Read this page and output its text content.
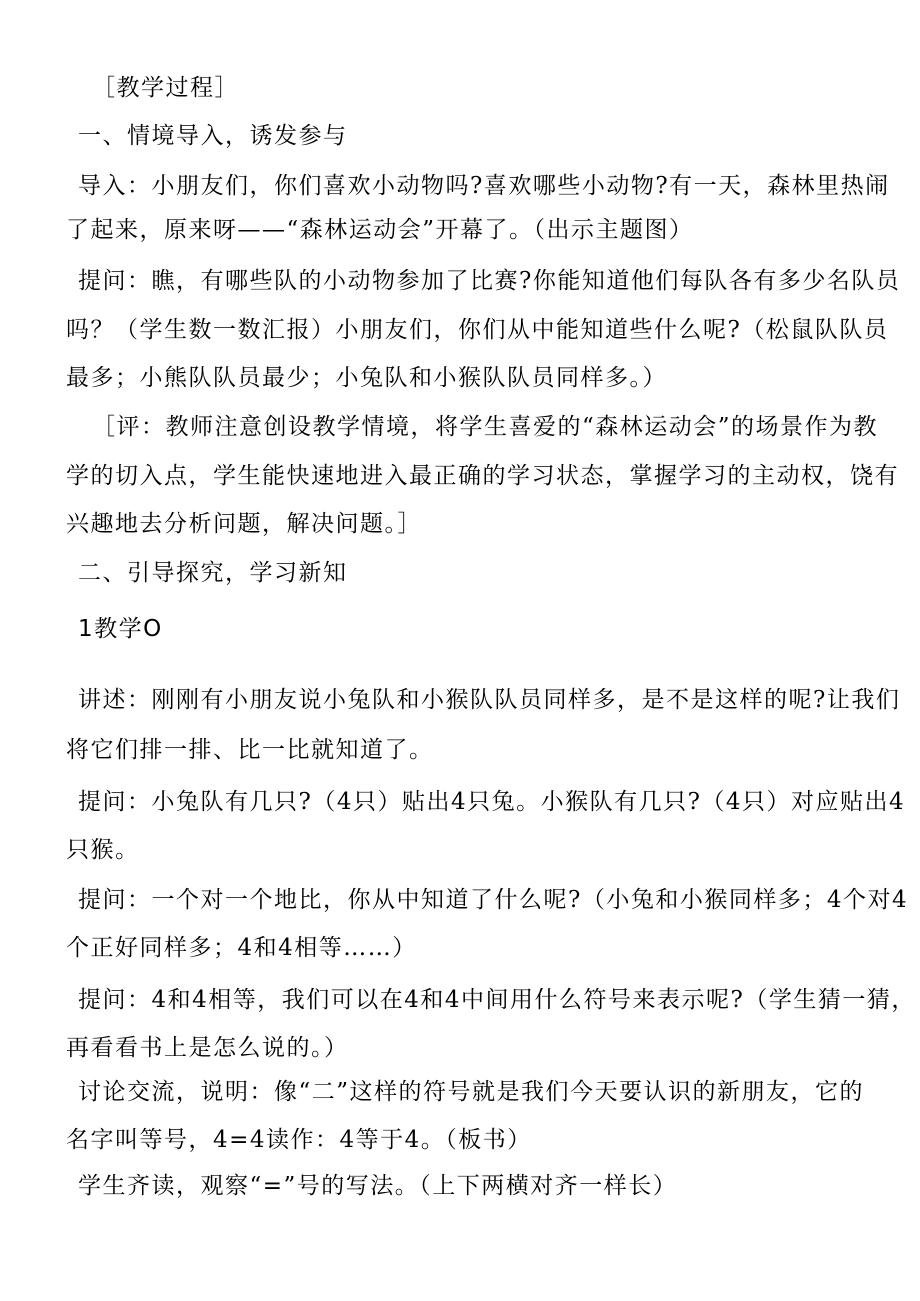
［教学过程］
一、情境导入，诱发参与
导入：小朋友们，你们喜欢小动物吗?喜欢哪些小动物?有一天，森林里热闹
了起来，原来呀——“森林运动会”开幕了。（出示主题图）
提问：瞧，有哪些队的小动物参加了比赛?你能知道他们每队各有多少名队员
吗？（学生数一数汇报）小朋友们，你们从中能知道些什么呢?（松鼠队队员
最多；小熊队队员最少；小兔队和小猴队队员同样多。）
［评：教师注意创设教学情境，将学生喜爱的“森林运动会”的场景作为教
学的切入点，学生能快速地进入最正确的学习状态，掌握学习的主动权，饶有
兴趣地去分析问题，解决问题。］
二、引导探究，学习新知
1教学O
讲述：刚刚有小朋友说小兔队和小猴队队员同样多，是不是这样的呢?让我们
将它们排一排、比一比就知道了。
提问：小兔队有几只?（4只）贴出4只兔。小猴队有几只?（4只）对应贴出4
只猴。
提问：一个对一个地比，你从中知道了什么呢?（小兔和小猴同样多；4个对4
个正好同样多；4和4相等……）
提问：4和4相等，我们可以在4和4中间用什么符号来表示呢?（学生猜一猜，
再看看书上是怎么说的。）
讨论交流，说明：像“二”这样的符号就是我们今天要认识的新朋友，它的
名字叫等号，4=4读作：4等于4。（板书）
学生齐读，观察“=”号的写法。（上下两横对齐一样长）
